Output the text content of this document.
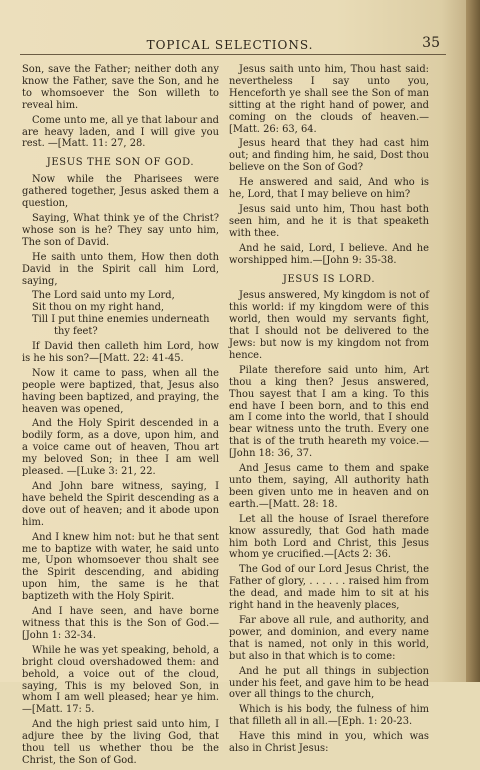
TOPICAL SELECTIONS.	35

Son, save the Father; neither doth any know the Father, save the Son, and he to whomsoever the Son willeth to reveal him.

Come unto me, all ye that labour and are heavy laden, and I will give you rest. —[Matt. 11: 27, 28.

JESUS THE SON OF GOD.

Now while the Pharisees were gathered together, Jesus asked them a question,

Saying, What think ye of the Christ? whose son is he? They say unto him, The son of David.

He saith unto them, How then doth David in the Spirit call him Lord, saying,

The Lord said unto my Lord,
Sit thou on my right hand,
Till I put thine enemies underneath
thy feet?

If David then calleth him Lord, how is he his son?—[Matt. 22: 41-45.

Now it came to pass, when all the people were baptized, that, Jesus also having been baptized, and praying, the heaven was opened,

And the Holy Spirit descended in a bodily form, as a dove, upon him, and a voice came out of heaven, Thou art my beloved Son; in thee I am well pleased. —[Luke 3: 21, 22.

And John bare witness, saying, I have beheld the Spirit descending as a dove out of heaven; and it abode upon him.

And I knew him not: but he that sent me to baptize with water, he said unto me, Upon whomsoever thou shalt see the Spirit descending, and abiding upon him, the same is he that baptizeth with the Holy Spirit.

And I have seen, and have borne witness that this is the Son of God.—[John 1: 32-34.

While he was yet speaking, behold, a bright cloud overshadowed them: and behold, a voice out of the cloud, saying, This is my beloved Son, in whom I am well pleased; hear ye him.—[Matt. 17: 5.

And the high priest said unto him, I adjure thee by the living God, that thou tell us whether thou be the Christ, the Son of God.

Jesus saith unto him, Thou hast said: nevertheless I say unto you, Henceforth ye shall see the Son of man sitting at the right hand of power, and coming on the clouds of heaven.—[Matt. 26: 63, 64.

Jesus heard that they had cast him out; and finding him, he said, Dost thou believe on the Son of God?

He answered and said, And who is he, Lord, that I may believe on him?

Jesus said unto him, Thou hast both seen him, and he it is that speaketh with thee.

And he said, Lord, I believe. And he worshipped him.—[John 9: 35-38.

JESUS IS LORD.

Jesus answered, My kingdom is not of this world: if my kingdom were of this world, then would my servants fight, that I should not be delivered to the Jews: but now is my kingdom not from hence.

Pilate therefore said unto him, Art thou a king then? Jesus answered, Thou sayest that I am a king. To this end have I been born, and to this end am I come into the world, that I should bear witness unto the truth. Every one that is of the truth heareth my voice.—[John 18: 36, 37.

And Jesus came to them and spake unto them, saying, All authority hath been given unto me in heaven and on earth.—[Matt. 28: 18.

Let all the house of Israel therefore know assuredly, that God hath made him both Lord and Christ, this Jesus whom ye crucified.—[Acts 2: 36.

The God of our Lord Jesus Christ, the Father of glory, . . . . . . raised him from the dead, and made him to sit at his right hand in the heavenly places,

Far above all rule, and authority, and power, and dominion, and every name that is named, not only in this world, but also in that which is to come:

And he put all things in subjection under his feet, and gave him to be head over all things to the church,

Which is his body, the fulness of him that filleth all in all.—[Eph. 1: 20-23.

Have this mind in you, which was also in Christ Jesus:
